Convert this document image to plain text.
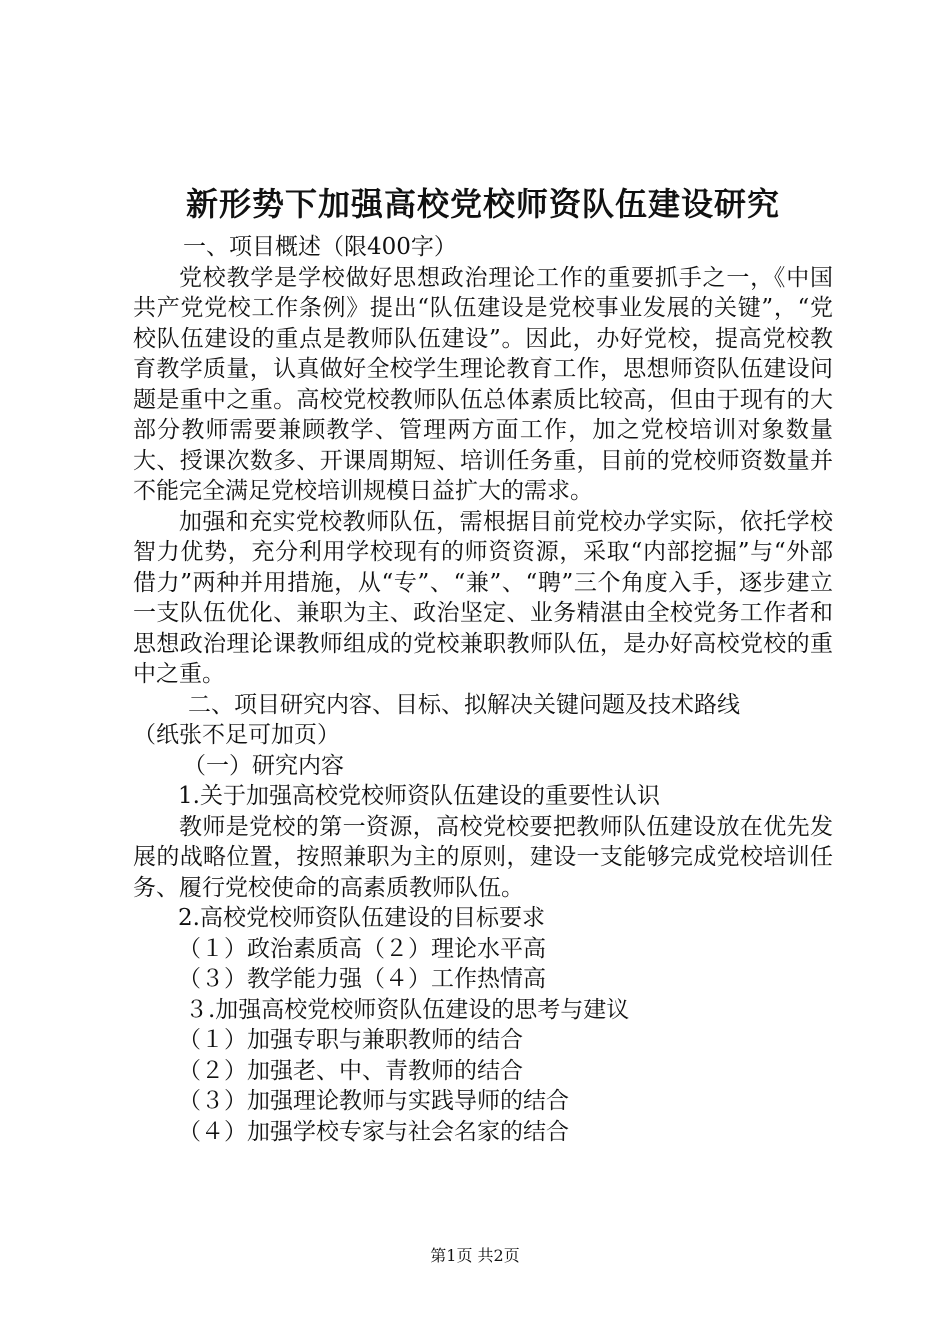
新形势下加强高校党校师资队伍建设研究

一、项目概述（限400字）

党校教学是学校做好思想政治理论工作的重要抓手之一，《中国共产党党校工作条例》提出“队伍建设是党校事业发展的关键”，“党校队伍建设的重点是教师队伍建设”。因此，办好党校，提高党校教育教学质量，认真做好全校学生理论教育工作，思想师资队伍建设问题是重中之重。高校党校教师队伍总体素质比较高，但由于现有的大部分教师需要兼顾教学、管理两方面工作，加之党校培训对象数量大、授课次数多、开课周期短、培训任务重，目前的党校师资数量并不能完全满足党校培训规模日益扩大的需求。

加强和充实党校教师队伍，需根据目前党校办学实际，依托学校智力优势，充分利用学校现有的师资资源，采取“内部挖掘”与“外部借力”两种并用措施，从“专”、“兼”、“聘”三个角度入手，逐步建立一支队伍优化、兼职为主、政治坚定、业务精湛由全校党务工作者和思想政治理论课教师组成的党校兼职教师队伍，是办好高校党校的重中之重。

二、项目研究内容、目标、拟解决关键问题及技术路线

（纸张不足可加页）

（一）研究内容

1.关于加强高校党校师资队伍建设的重要性认识

教师是党校的第一资源，高校党校要把教师队伍建设放在优先发展的战略位置，按照兼职为主的原则，建设一支能够完成党校培训任务、履行党校使命的高素质教师队伍。

2.高校党校师资队伍建设的目标要求

（１）政治素质高（２）理论水平高

（３）教学能力强（４）工作热情高

３.加强高校党校师资队伍建设的思考与建议

（１）加强专职与兼职教师的结合

（２）加强老、中、青教师的结合

（３）加强理论教师与实践导师的结合

（４）加强学校专家与社会名家的结合

第1页 共2页
